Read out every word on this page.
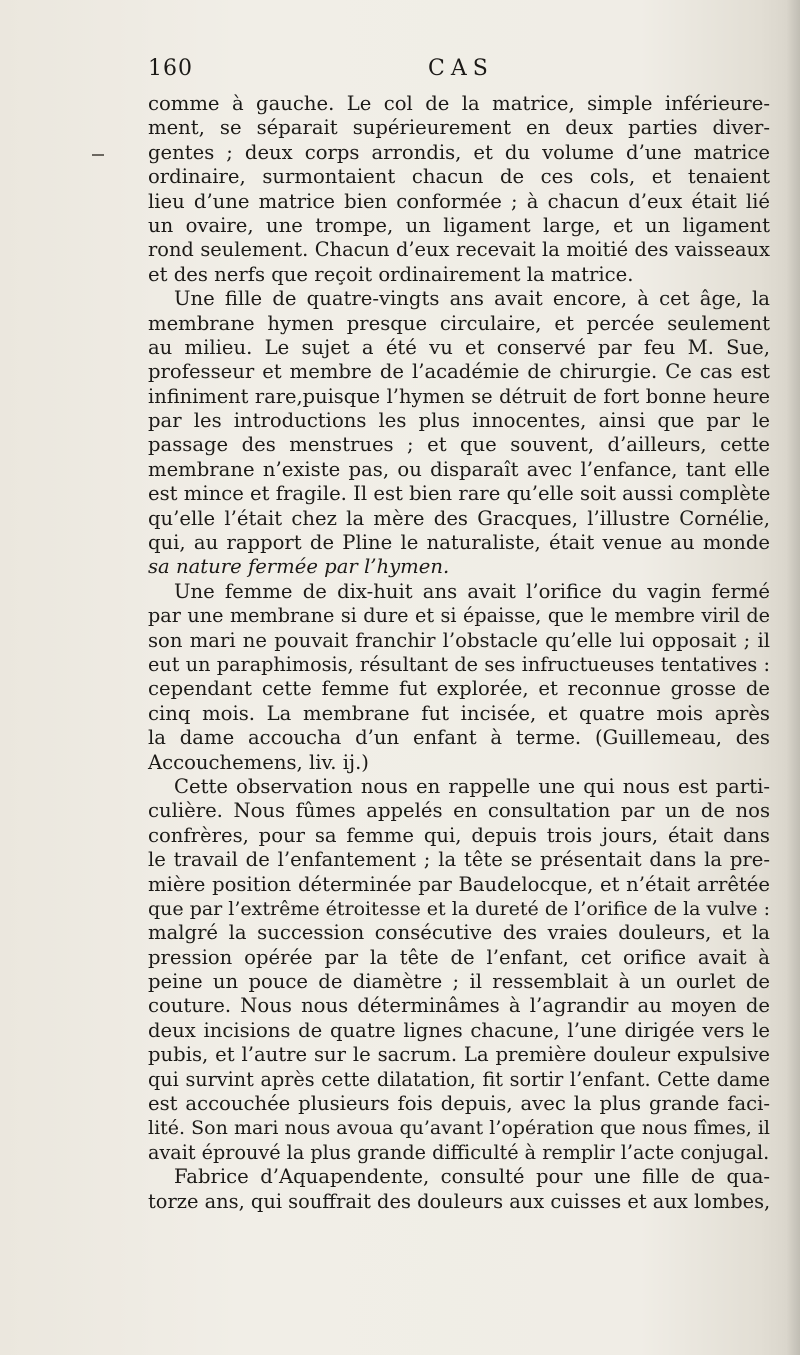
160	CAS
comme à gauche. Le col de la matrice, simple inférieure-
ment, se séparait supérieurement en deux parties diver-
gentes ; deux corps arrondis, et du volume d’une matrice
ordinaire, surmontaient chacun de ces cols, et tenaient
lieu d’une matrice bien conformée ; à chacun d’eux était lié
un ovaire, une trompe, un ligament large, et un ligament
rond seulement. Chacun d’eux recevait la moitié des vaisseaux
et des nerfs que reçoit ordinairement la matrice.
Une fille de quatre-vingts ans avait encore, à cet âge, la
membrane hymen presque circulaire, et percée seulement
au milieu. Le sujet a été vu et conservé par feu M. Sue,
professeur et membre de l’académie de chirurgie. Ce cas est
infiniment rare,puisque l’hymen se détruit de fort bonne heure
par les introductions les plus innocentes, ainsi que par le
passage des menstrues ; et que souvent, d’ailleurs, cette
membrane n’existe pas, ou disparaît avec l’enfance, tant elle
est mince et fragile. Il est bien rare qu’elle soit aussi complète
qu’elle l’était chez la mère des Gracques, l’illustre Cornélie,
qui, au rapport de Pline le naturaliste, était venue au monde
sa nature fermée par l’hymen.
Une femme de dix-huit ans avait l’orifice du vagin fermé
par une membrane si dure et si épaisse, que le membre viril de
son mari ne pouvait franchir l’obstacle qu’elle lui opposait ; il
eut un paraphimosis, résultant de ses infructueuses tentatives :
cependant cette femme fut explorée, et reconnue grosse de
cinq mois. La membrane fut incisée, et quatre mois après
la dame accoucha d’un enfant à terme. (Guillemeau, des
Accouchemens, liv. ij.)
Cette observation nous en rappelle une qui nous est parti-
culière. Nous fûmes appelés en consultation par un de nos
confrères, pour sa femme qui, depuis trois jours, était dans
le travail de l’enfantement ; la tête se présentait dans la pre-
mière position déterminée par Baudelocque, et n’était arrêtée
que par l’extrême étroitesse et la dureté de l’orifice de la vulve :
malgré la succession consécutive des vraies douleurs, et la
pression opérée par la tête de l’enfant, cet orifice avait à
peine un pouce de diamètre ; il ressemblait à un ourlet de
couture. Nous nous déterminâmes à l’agrandir au moyen de
deux incisions de quatre lignes chacune, l’une dirigée vers le
pubis, et l’autre sur le sacrum. La première douleur expulsive
qui survint après cette dilatation, fit sortir l’enfant. Cette dame
est accouchée plusieurs fois depuis, avec la plus grande faci-
lité. Son mari nous avoua qu’avant l’opération que nous fîmes, il
avait éprouvé la plus grande difficulté à remplir l’acte conjugal.
Fabrice d’Aquapendente, consulté pour une fille de qua-
torze ans, qui souffrait des douleurs aux cuisses et aux lombes,
